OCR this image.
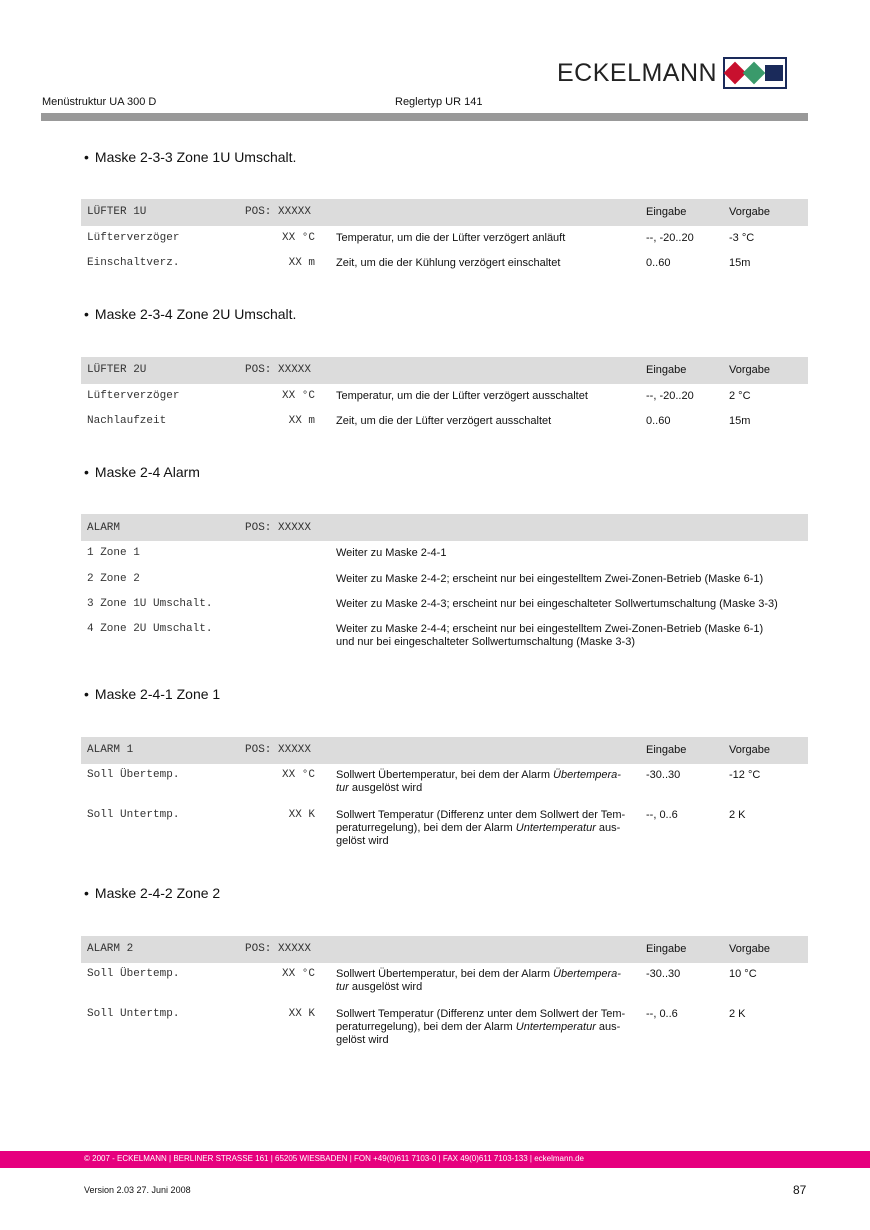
ECKELMANN
Menüstruktur UA 300 D	Reglertyp UR 141
• Maske 2-3-3 Zone 1U Umschalt.
LÜFTER 1U	POS: XXXXX	Eingabe	Vorgabe
Lüfterverzöger	XX °C Temperatur, um die der Lüfter verzögert anläuft	--, -20..20	-3 °C
Einschaltverz.	XX m Zeit, um die der Kühlung verzögert einschaltet	0..60	15m
• Maske 2-3-4 Zone 2U Umschalt.
LÜFTER 2U	POS: XXXXX	Eingabe	Vorgabe
Lüfterverzöger	XX °C Temperatur, um die der Lüfter verzögert ausschaltet	--, -20..20	2 °C
Nachlaufzeit	XX m Zeit, um die der Lüfter verzögert ausschaltet	0..60	15m
• Maske 2-4 Alarm
ALARM	POS: XXXXX
1 Zone 1	Weiter zu Maske 2-4-1
2 Zone 2	Weiter zu Maske 2-4-2; erscheint nur bei eingestelltem Zwei-Zonen-Betrieb (Maske 6-1)
3 Zone 1U Umschalt.	Weiter zu Maske 2-4-3; erscheint nur bei eingeschalteter Sollwertumschaltung (Maske 3-3)
4 Zone 2U Umschalt.	Weiter zu Maske 2-4-4; erscheint nur bei eingestelltem Zwei-Zonen-Betrieb (Maske 6-1)
und nur bei eingeschalteter Sollwertumschaltung (Maske 3-3)
• Maske 2-4-1 Zone 1
ALARM 1	POS: XXXXX	Eingabe	Vorgabe
Soll Übertemp.	XX °C Sollwert Übertemperatur, bei dem der Alarm Übertempera-
tur ausgelöst wird
-30..30	-12 °C
Soll Untertmp.	XX K Sollwert Temperatur (Differenz unter dem Sollwert der Tem-
peraturregelung), bei dem der Alarm Untertemperatur aus-
gelöst wird
--, 0..6	2 K
• Maske 2-4-2 Zone 2
ALARM 2	POS: XXXXX	Eingabe	Vorgabe
Soll Übertemp.	XX °C Sollwert Übertemperatur, bei dem der Alarm Übertempera-
tur ausgelöst wird
-30..30	10 °C
Soll Untertmp.	XX K Sollwert Temperatur (Differenz unter dem Sollwert der Tem-
peraturregelung), bei dem der Alarm Untertemperatur aus-
gelöst wird
--, 0..6	2 K
© 2007 - ECKELMANN | BERLINER STRASSE 161 | 65205 WIESBADEN | FON +49(0)611 7103-0 | FAX 49(0)611 7103-133 | eckelmann.de
Version 2.03 27. Juni 2008	87
